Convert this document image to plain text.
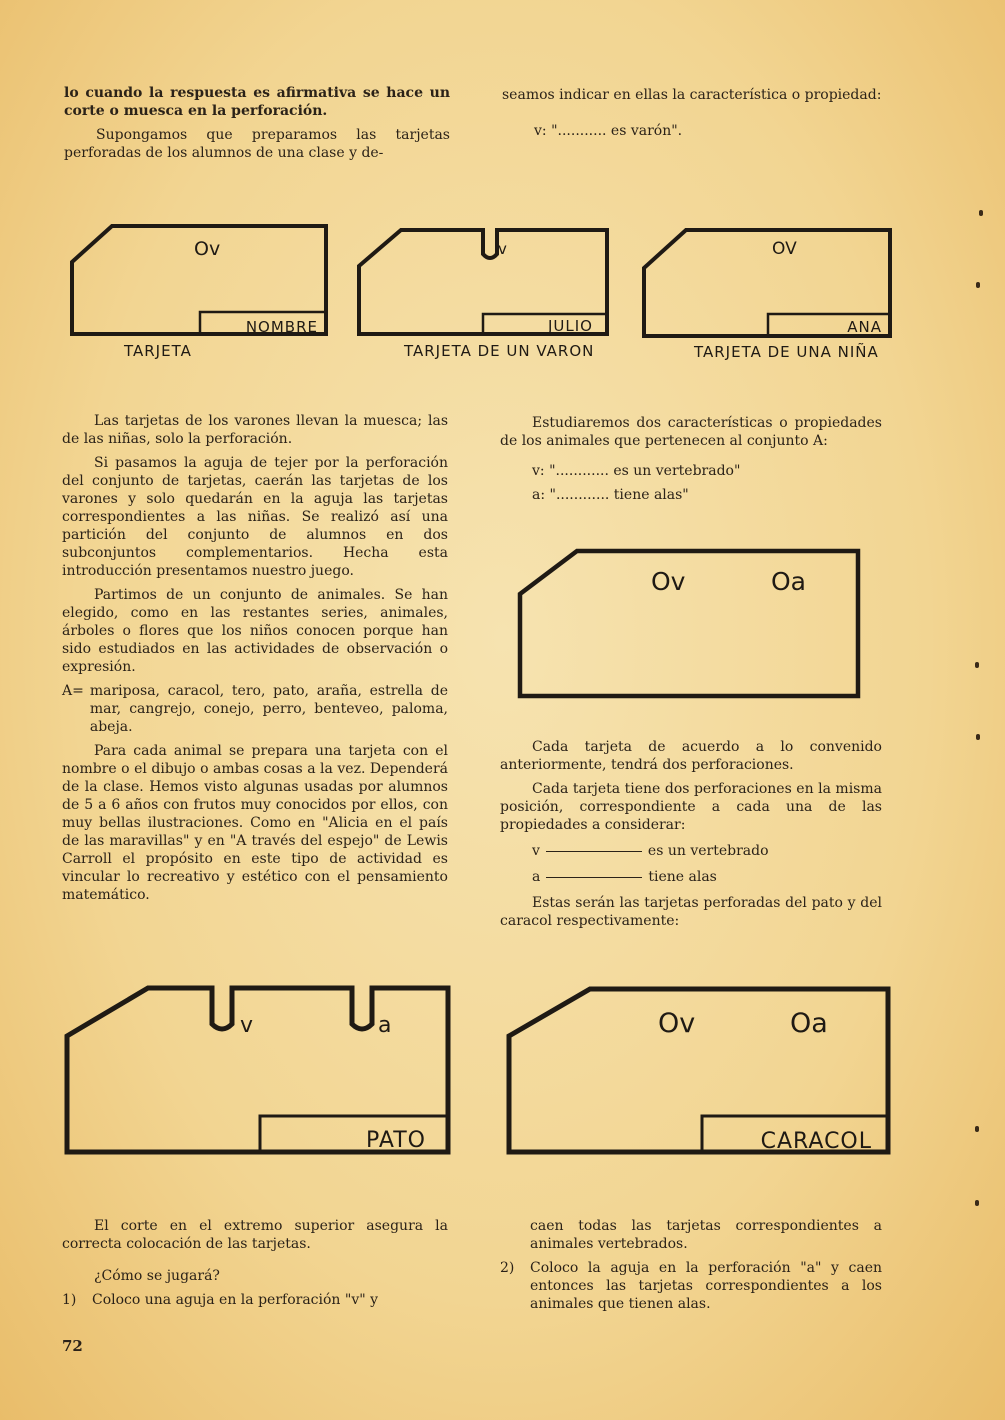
lo cuando la respuesta es afirmativa se hace un corte o muesca en la perforación.

Supongamos que preparamos las tarjetas perforadas de los alumnos de una clase y de-

seamos indicar en ellas la característica o propiedad:

v: "........... es varón".

Ov
NOMBRE
TARJETA
v
JULIO
TARJETA DE UN VARON
OV
ANA
TARJETA DE UNA NIÑA

Las tarjetas de los varones llevan la muesca; las de las niñas, solo la perforación.

Si pasamos la aguja de tejer por la perforación del conjunto de tarjetas, caerán las tarjetas de los varones y solo quedarán en la aguja las tarjetas correspondientes a las niñas. Se realizó así una partición del conjunto de alumnos en dos subconjuntos complementarios. Hecha esta introducción presentamos nuestro juego.

Partimos de un conjunto de animales. Se han elegido, como en las restantes series, animales, árboles o flores que los niños conocen porque han sido estudiados en las actividades de observación o expresión.

A= mariposa, caracol, tero, pato, araña, estrella de mar, cangrejo, conejo, perro, benteveo, paloma, abeja.

Para cada animal se prepara una tarjeta con el nombre o el dibujo o ambas cosas a la vez. Dependerá de la clase. Hemos visto algunas usadas por alumnos de 5 a 6 años con frutos muy conocidos por ellos, con muy bellas ilustraciones. Como en "Alicia en el país de las maravillas" y en "A través del espejo" de Lewis Carroll el propósito en este tipo de actividad es vincular lo recreativo y estético con el pensamiento matemático.

Estudiaremos dos características o propiedades de los animales que pertenecen al conjunto A:

v: "............ es un vertebrado"

a: "............ tiene alas"

Ov	Oa

Cada tarjeta de acuerdo a lo convenido anteriormente, tendrá dos perforaciones.

Cada tarjeta tiene dos perforaciones en la misma posición, correspondiente a cada una de las propiedades a considerar:

v	es un vertebrado

a	tiene alas

Estas serán las tarjetas perforadas del pato y del caracol respectivamente:

v	a
PATO
Ov	Oa
CARACOL

El corte en el extremo superior asegura la correcta colocación de las tarjetas.

¿Cómo se jugará?

1)	Coloco una aguja en la perforación "v" y

caen todas las tarjetas correspondientes a animales vertebrados.

2)	Coloco la aguja en la perforación "a" y caen entonces las tarjetas correspondientes a los animales que tienen alas.
72
